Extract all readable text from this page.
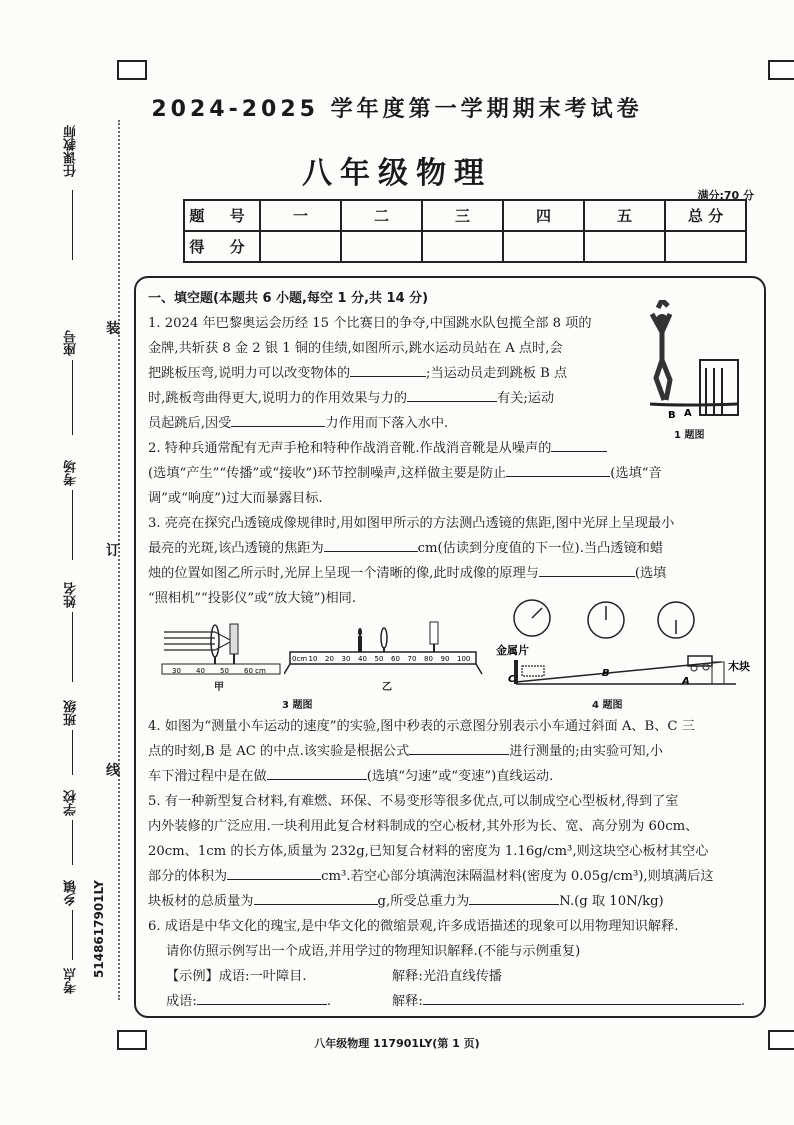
2024-2025 学年度第一学期期末考试卷
八年级物理
满分:70 分
题 号	一	二	三	四	五	总 分
得 分						
任课教师
座号
考场
姓名
班级
学校
乡镇
考点
5148617901LY
装
订
线
一、填空题(本题共 6 小题,每空 1 分,共 14 分)
1. 2024 年巴黎奥运会历经 15 个比赛日的争夺,中国跳水队包揽全部 8 项的
金牌,共斩获 8 金 2 银 1 铜的佳绩,如图所示,跳水运动员站在 A 点时,会
把跳板压弯,说明力可以改变物体的	;当运动员走到跳板 B 点
时,跳板弯曲得更大,说明力的作用效果与力的	有关;运动
员起跳后,因受	力作用而下落入水中.
B A
1 题图
2. 特种兵通常配有无声手枪和特种作战消音靴.作战消音靴是从噪声的
(选填“产生”“传播”或“接收”)环节控制噪声,这样做主要是防止	(选填“音
调”或“响度”)过大而暴露目标.
3. 亮亮在探究凸透镜成像规律时,用如图甲所示的方法测凸透镜的焦距,图中光屏上呈现最小
最亮的光斑,该凸透镜的焦距为	cm(估读到分度值的下一位).当凸透镜和蜡
烛的位置如图乙所示时,光屏上呈现一个清晰的像,此时成像的原理与	(选填
“照相机”“投影仪”或“放大镜”)相同.
30 40 50 60 cm
甲
0cm 10 20 30 40 50 60 70 80 90 100
乙
3 题图
金属片
木块
C
B
A
4 题图
4. 如图为“测量小车运动的速度”的实验,图中秒表的示意图分别表示小车通过斜面 A、B、C 三
点的时刻,B 是 AC 的中点.该实验是根据公式	进行测量的;由实验可知,小
车下滑过程中是在做	(选填“匀速”或“变速”)直线运动.
5. 有一种新型复合材料,有难燃、环保、不易变形等很多优点,可以制成空心型板材,得到了室
内外装修的广泛应用.一块利用此复合材料制成的空心板材,其外形为长、宽、高分别为 60cm、
20cm、1cm 的长方体,质量为 232g,已知复合材料的密度为 1.16g/cm³,则这块空心板材其空心
部分的体积为	cm³.若空心部分填满泡沫隔温材料(密度为 0.05g/cm³),则填满后这
块板材的总质量为	g,所受总重力为	N.(g 取 10N/kg)
6. 成语是中华文化的瑰宝,是中华文化的微缩景观,许多成语描述的现象可以用物理知识解释.
请你仿照示例写出一个成语,并用学过的物理知识解释.(不能与示例重复)
【示例】成语:一叶障目.	解释:光沿直线传播
成语:	.	解释:	.
八年级物理 117901LY(第 1 页)
